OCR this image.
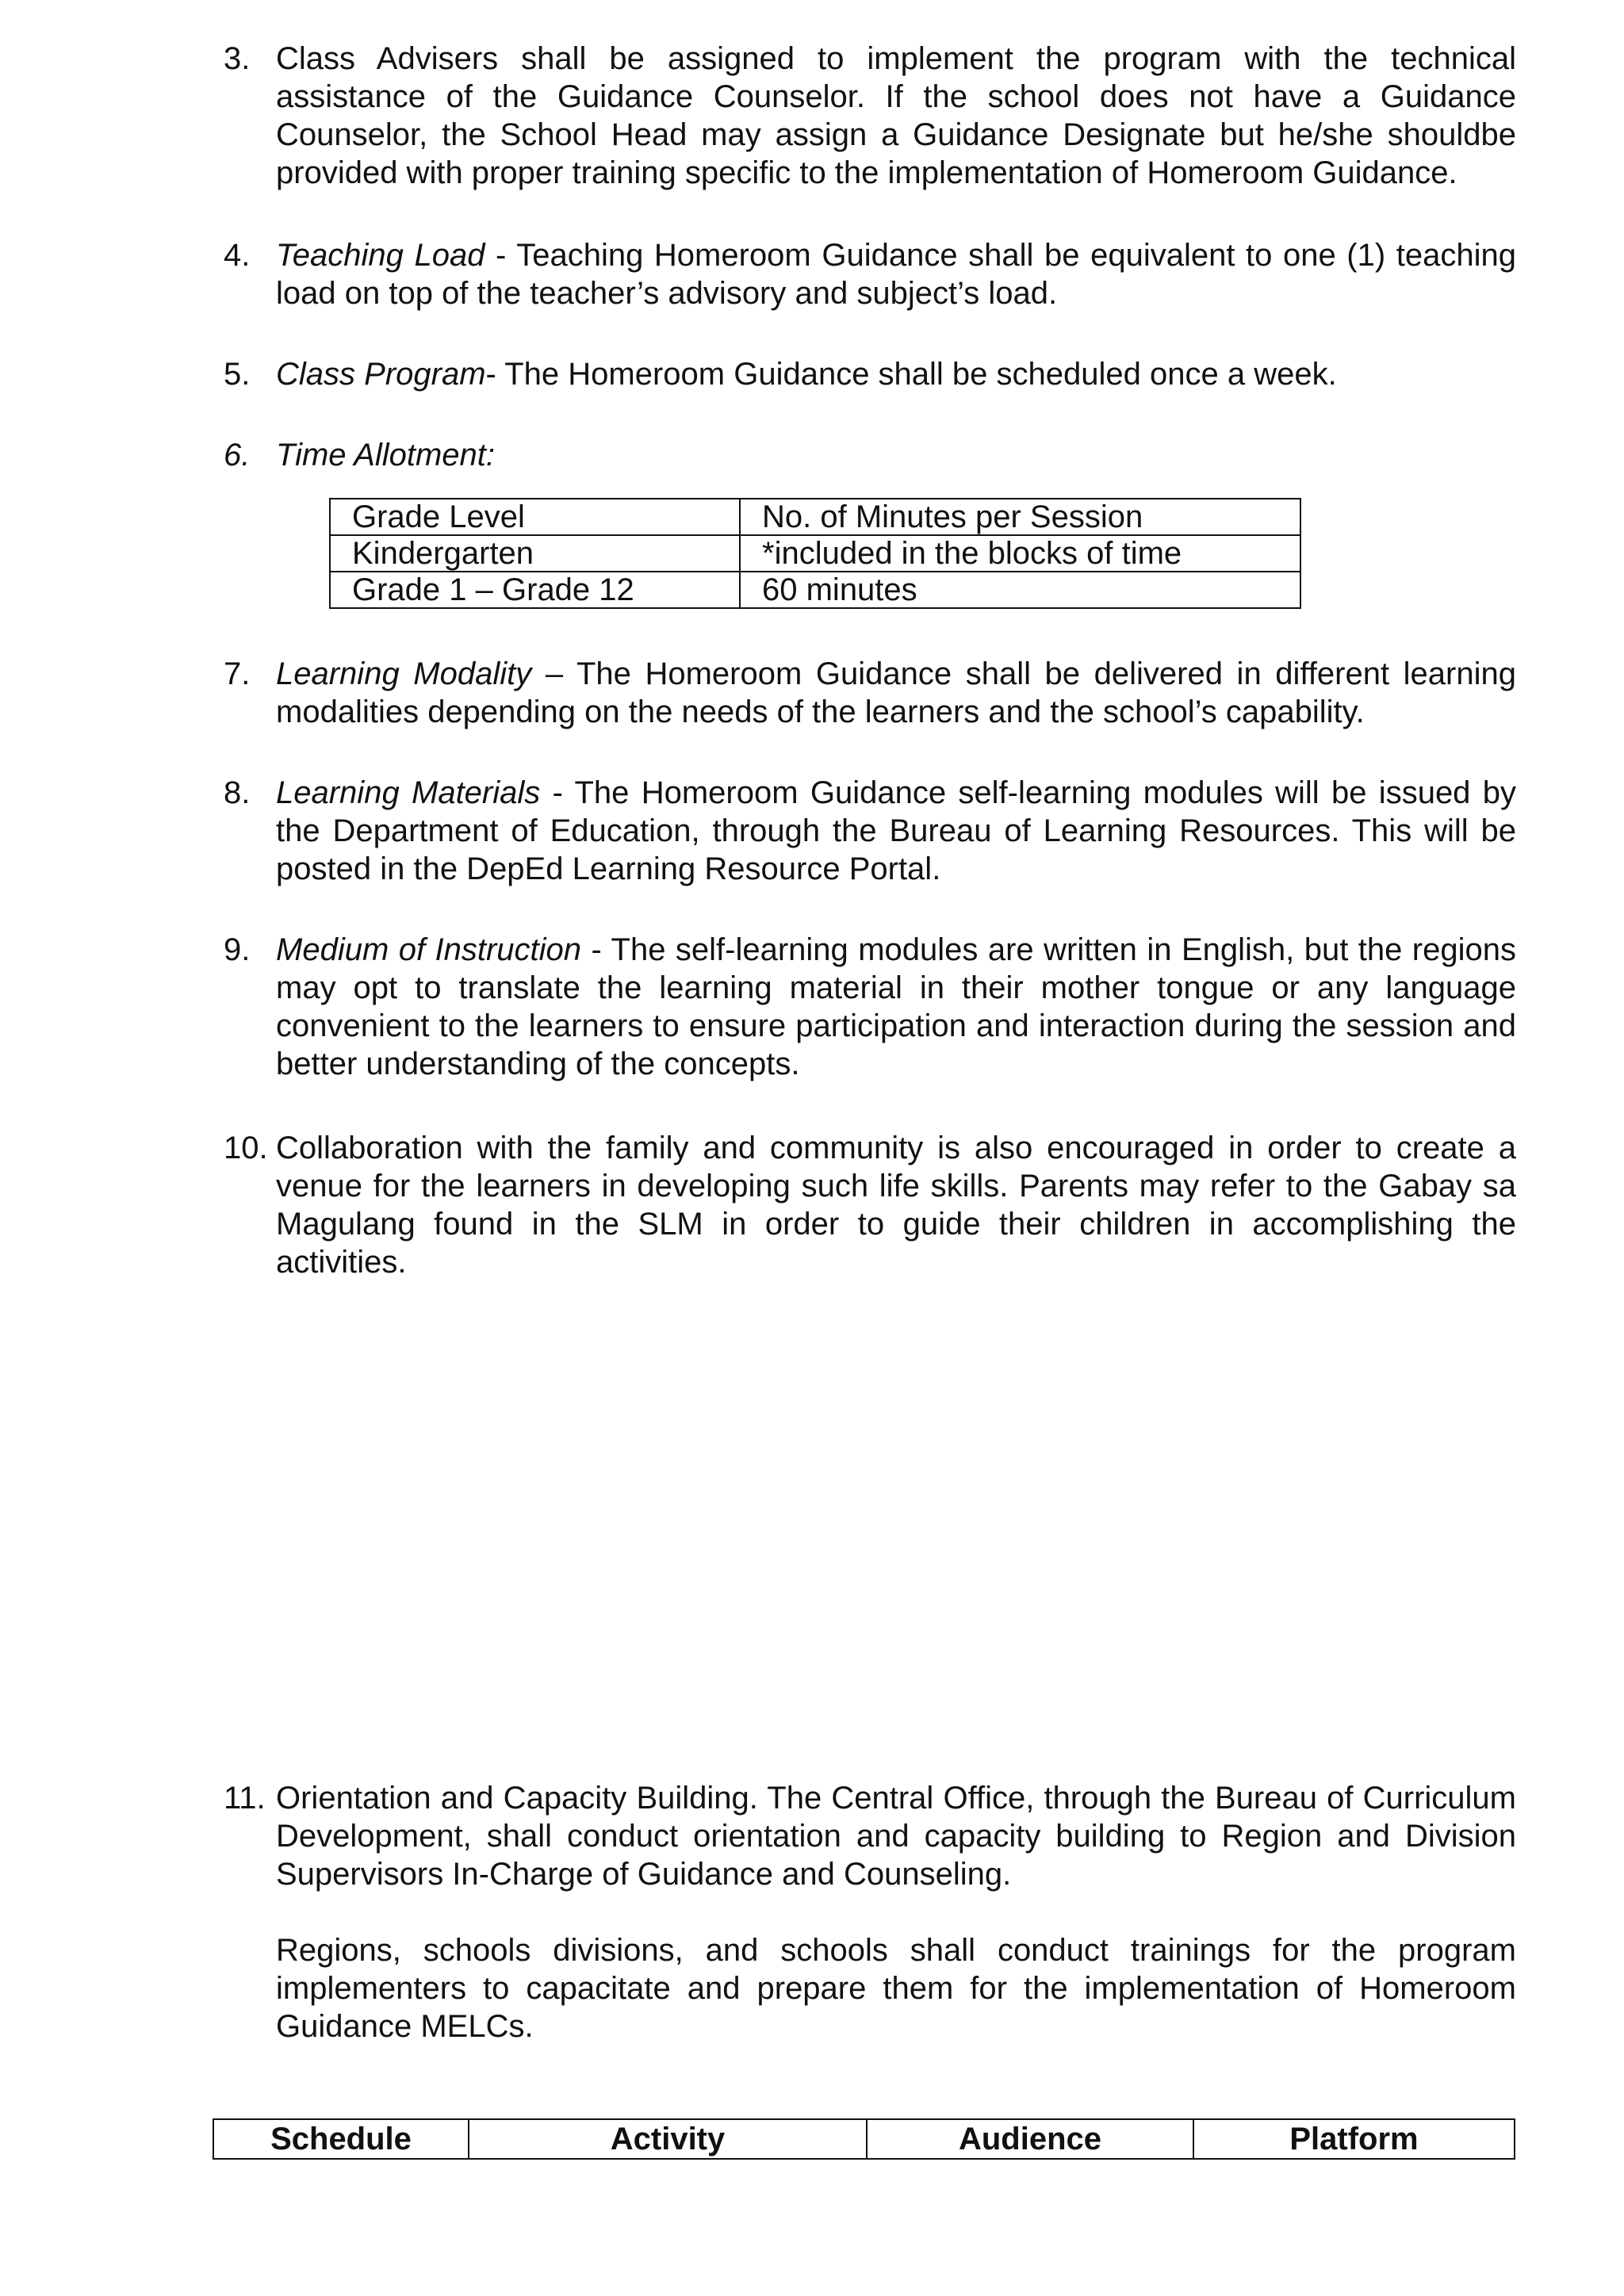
3. Class Advisers shall be assigned to implement the program with the technical assistance of the Guidance Counselor. If the school does not have a Guidance Counselor, the School Head may assign a Guidance Designate but he/she shouldbe provided with proper training specific to the implementation of Homeroom Guidance.
4. Teaching Load - Teaching Homeroom Guidance shall be equivalent to one (1) teaching load on top of the teacher’s advisory and subject’s load.
5. Class Program- The Homeroom Guidance shall be scheduled once a week.
6. Time Allotment:
Grade Level	No. of Minutes per Session
Kindergarten	*included in the blocks of time
Grade 1 – Grade 12	60 minutes
7. Learning Modality – The Homeroom Guidance shall be delivered in different learning modalities depending on the needs of the learners and the school’s capability.
8. Learning Materials - The Homeroom Guidance self-learning modules will be issued by the Department of Education, through the Bureau of Learning Resources. This will be posted in the DepEd Learning Resource Portal.
9. Medium of Instruction - The self-learning modules are written in English, but the regions may opt to translate the learning material in their mother tongue or any language convenient to the learners to ensure participation and interaction during the session and better understanding of the concepts.
10. Collaboration with the family and community is also encouraged in order to create a venue for the learners in developing such life skills. Parents may refer to the Gabay sa Magulang found in the SLM in order to guide their children in accomplishing the activities.
11. Orientation and Capacity Building. The Central Office, through the Bureau of Curriculum Development, shall conduct orientation and capacity building to Region and Division Supervisors In-Charge of Guidance and Counseling.

Regions, schools divisions, and schools shall conduct trainings for the program implementers to capacitate and prepare them for the implementation of Homeroom Guidance MELCs.

Schedule	Activity	Audience	Platform
